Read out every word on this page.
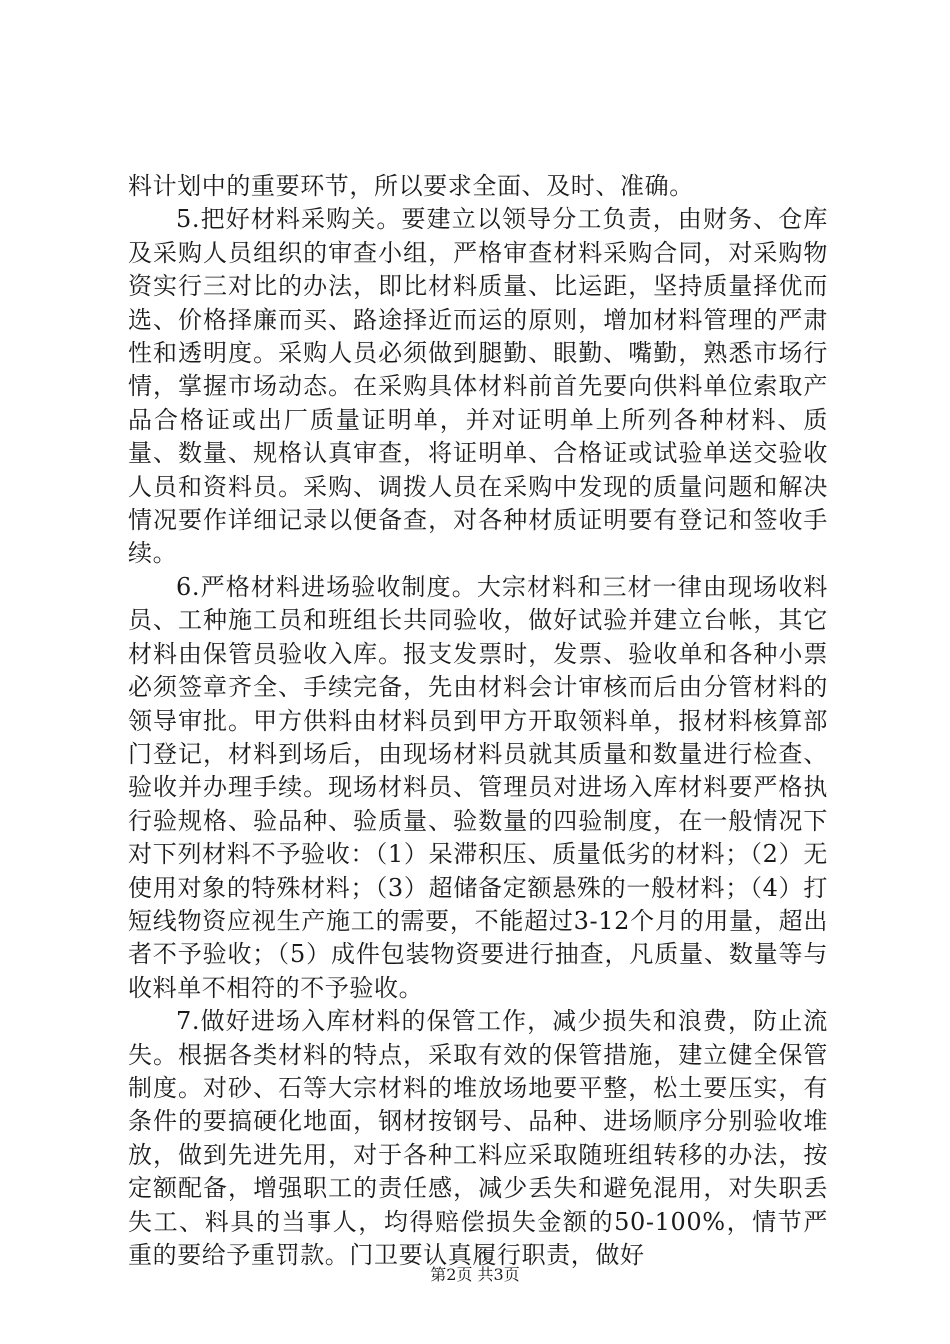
料计划中的重要环节，所以要求全面、及时、准确。

5.把好材料采购关。要建立以领导分工负责，由财务、仓库及采购人员组织的审查小组，严格审查材料采购合同，对采购物资实行三对比的办法，即比材料质量、比运距，坚持质量择优而选、价格择廉而买、路途择近而运的原则，增加材料管理的严肃性和透明度。采购人员必须做到腿勤、眼勤、嘴勤，熟悉市场行情，掌握市场动态。在采购具体材料前首先要向供料单位索取产品合格证或出厂质量证明单，并对证明单上所列各种材料、质量、数量、规格认真审查，将证明单、合格证或试验单送交验收人员和资料员。采购、调拨人员在采购中发现的质量问题和解决情况要作详细记录以便备查，对各种材质证明要有登记和签收手续。

6.严格材料进场验收制度。大宗材料和三材一律由现场收料员、工种施工员和班组长共同验收，做好试验并建立台帐，其它材料由保管员验收入库。报支发票时，发票、验收单和各种小票必须签章齐全、手续完备，先由材料会计审核而后由分管材料的领导审批。甲方供料由材料员到甲方开取领料单，报材料核算部门登记，材料到场后，由现场材料员就其质量和数量进行检查、验收并办理手续。现场材料员、管理员对进场入库材料要严格执行验规格、验品种、验质量、验数量的四验制度，在一般情况下对下列材料不予验收：（1）呆滞积压、质量低劣的材料；（2）无使用对象的特殊材料；（3）超储备定额悬殊的一般材料；（4）打短线物资应视生产施工的需要，不能超过3-12个月的用量，超出者不予验收；（5）成件包装物资要进行抽查，凡质量、数量等与收料单不相符的不予验收。

7.做好进场入库材料的保管工作，减少损失和浪费，防止流失。根据各类材料的特点，采取有效的保管措施，建立健全保管制度。对砂、石等大宗材料的堆放场地要平整，松土要压实，有条件的要搞硬化地面，钢材按钢号、品种、进场顺序分别验收堆放，做到先进先用，对于各种工料应采取随班组转移的办法，按定额配备，增强职工的责任感，减少丢失和避免混用，对失职丢失工、料具的当事人，均得赔偿损失金额的50-100%，情节严重的要给予重罚款。门卫要认真履行职责，做好

第2页 共3页
